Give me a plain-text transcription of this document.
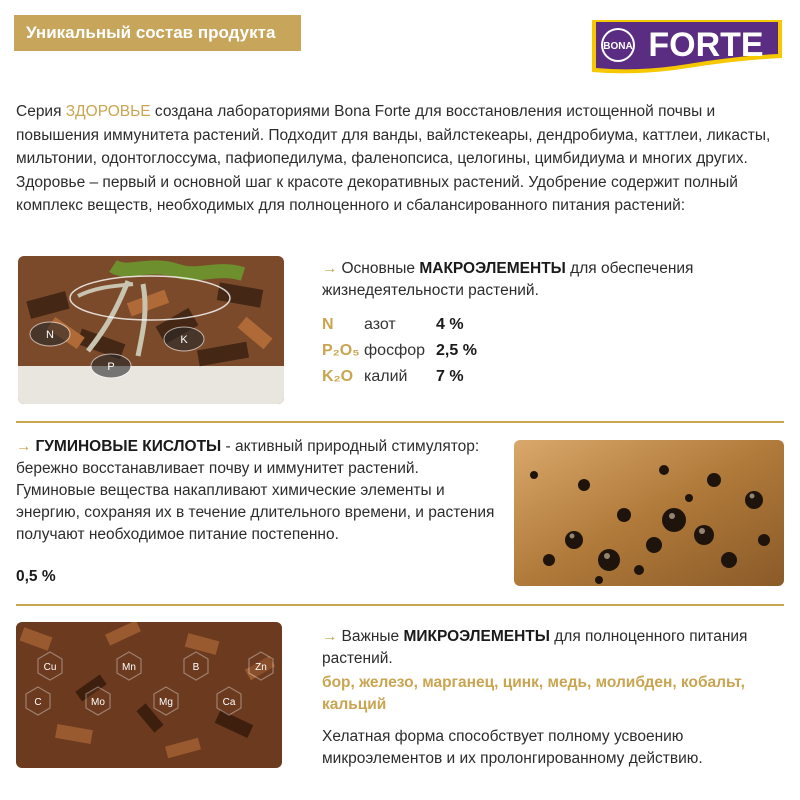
Уникальный состав продукта
BONA FORTE

Серия ЗДОРОВЬЕ создана лабораториями Bona Forte для восстановления истощенной почвы и повышения иммунитета растений. Подходит для ванды, вайлстекеары, дендробиума, каттлеи, ликасты, мильтонии, одонтоглоссума, пафиопедилума, фаленопсиса, целогины, цимбидиума и многих других. Здоровье – первый и основной шаг к красоте декоративных растений. Удобрение содержит полный комплекс веществ, необходимых для полноценного и сбалансированного питания растений:

N
P
K
→ Основные МАКРОЭЛЕМЕНТЫ для обеспечения жизнедеятельности растений.
N	азот	4 %
P₂O₅ фосфор 2,5 %
K₂O калий	7 %
→ ГУМИНОВЫЕ КИСЛОТЫ - активный природный стимулятор: бережно восстанавливает почву и иммунитет растений. Гуминовые вещества накапливают химические элементы и энергию, сохраняя их в течение длительного времени, и растения получают необходимое питание постепенно.
0,5 %
Cu	Mn	B	Zn
C	Mo	Mg	Ca
→ Важные МИКРОЭЛЕМЕНТЫ для полноценного питания растений.
бор, железо, марганец, цинк, медь, молибден, кобальт, кальций
Хелатная форма способствует полному усвоению микроэлементов и их пролонгированному действию.
